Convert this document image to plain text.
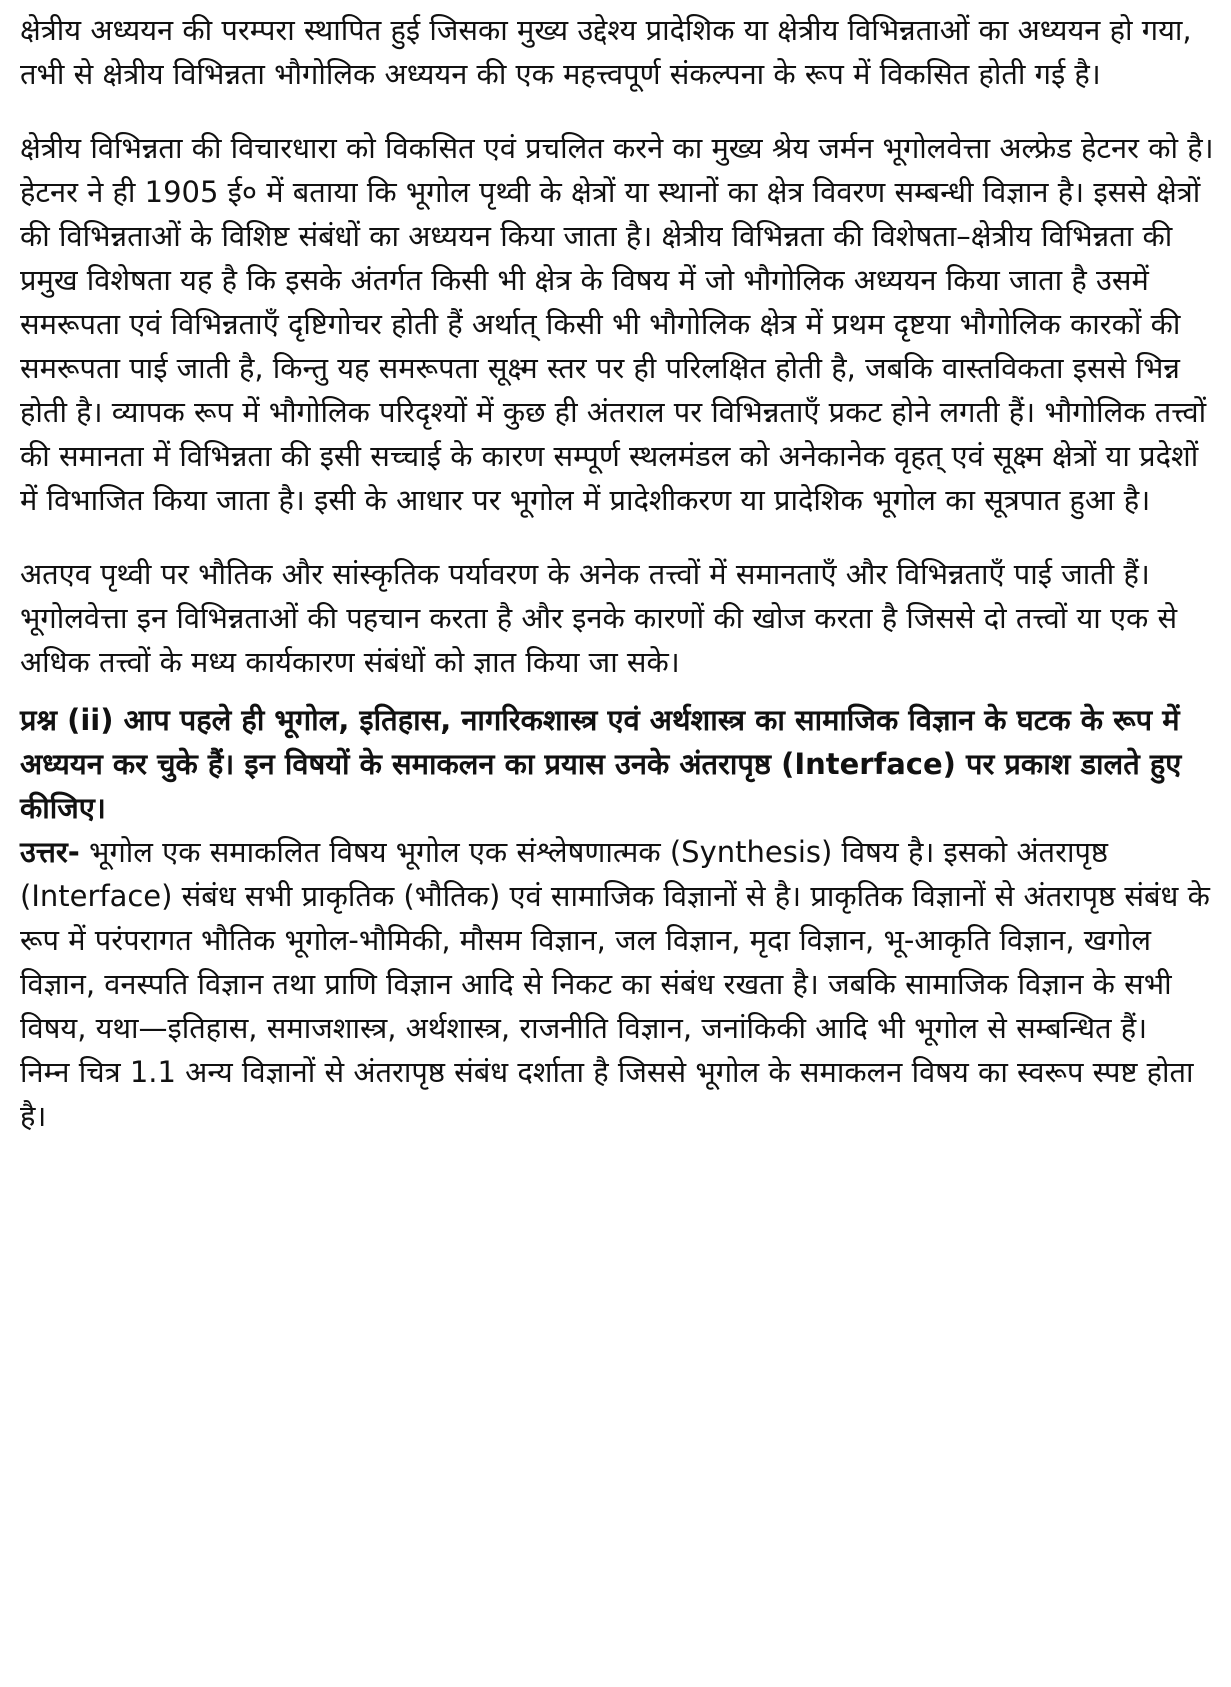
क्षेत्रीय अध्ययन की परम्परा स्थापित हुई जिसका मुख्य उद्देश्य प्रादेशिक या क्षेत्रीय विभिन्नताओं का अध्ययन हो गया, तभी से क्षेत्रीय विभिन्नता भौगोलिक अध्ययन की एक महत्त्वपूर्ण संकल्पना के रूप में विकसित होती गई है।

क्षेत्रीय विभिन्नता की विचारधारा को विकसित एवं प्रचलित करने का मुख्य श्रेय जर्मन भूगोलवेत्ता अल्फ्रेड हेटनर को है। हेटनर ने ही 1905 ई० में बताया कि भूगोल पृथ्वी के क्षेत्रों या स्थानों का क्षेत्र विवरण सम्बन्धी विज्ञान है। इससे क्षेत्रों की विभिन्नताओं के विशिष्ट संबंधों का अध्ययन किया जाता है। क्षेत्रीय विभिन्नता की विशेषता–क्षेत्रीय विभिन्नता की प्रमुख विशेषता यह है कि इसके अंतर्गत किसी भी क्षेत्र के विषय में जो भौगोलिक अध्ययन किया जाता है उसमें समरूपता एवं विभिन्नताएँ दृष्टिगोचर होती हैं अर्थात् किसी भी भौगोलिक क्षेत्र में प्रथम दृष्टया भौगोलिक कारकों की समरूपता पाई जाती है, किन्तु यह समरूपता सूक्ष्म स्तर पर ही परिलक्षित होती है, जबकि वास्तविकता इससे भिन्न होती है। व्यापक रूप में भौगोलिक परिदृश्यों में कुछ ही अंतराल पर विभिन्नताएँ प्रकट होने लगती हैं। भौगोलिक तत्त्वों की समानता में विभिन्नता की इसी सच्चाई के कारण सम्पूर्ण स्थलमंडल को अनेकानेक वृहत् एवं सूक्ष्म क्षेत्रों या प्रदेशों में विभाजित किया जाता है। इसी के आधार पर भूगोल में प्रादेशीकरण या प्रादेशिक भूगोल का सूत्रपात हुआ है।

अतएव पृथ्वी पर भौतिक और सांस्कृतिक पर्यावरण के अनेक तत्त्वों में समानताएँ और विभिन्नताएँ पाई जाती हैं। भूगोलवेत्ता इन विभिन्नताओं की पहचान करता है और इनके कारणों की खोज करता है जिससे दो तत्त्वों या एक से अधिक तत्त्वों के मध्य कार्यकारण संबंधों को ज्ञात किया जा सके।

प्रश्न (ii) आप पहले ही भूगोल, इतिहास, नागरिकशास्त्र एवं अर्थशास्त्र का सामाजिक विज्ञान के घटक के रूप में अध्ययन कर चुके हैं। इन विषयों के समाकलन का प्रयास उनके अंतरापृष्ठ (Interface) पर प्रकाश डालते हुए कीजिए।

उत्तर- भूगोल एक समाकलित विषय भूगोल एक संश्लेषणात्मक (Synthesis) विषय है। इसको अंतरापृष्ठ (Interface) संबंध सभी प्राकृतिक (भौतिक) एवं सामाजिक विज्ञानों से है। प्राकृतिक विज्ञानों से अंतरापृष्ठ संबंध के रूप में परंपरागत भौतिक भूगोल-भौमिकी, मौसम विज्ञान, जल विज्ञान, मृदा विज्ञान, भू-आकृति विज्ञान, खगोल विज्ञान, वनस्पति विज्ञान तथा प्राणि विज्ञान आदि से निकट का संबंध रखता है। जबकि सामाजिक विज्ञान के सभी विषय, यथा—इतिहास, समाजशास्त्र, अर्थशास्त्र, राजनीति विज्ञान, जनांकिकी आदि भी भूगोल से सम्बन्धित हैं।

निम्न चित्र 1.1 अन्य विज्ञानों से अंतरापृष्ठ संबंध दर्शाता है जिससे भूगोल के समाकलन विषय का स्वरूप स्पष्ट होता है।
